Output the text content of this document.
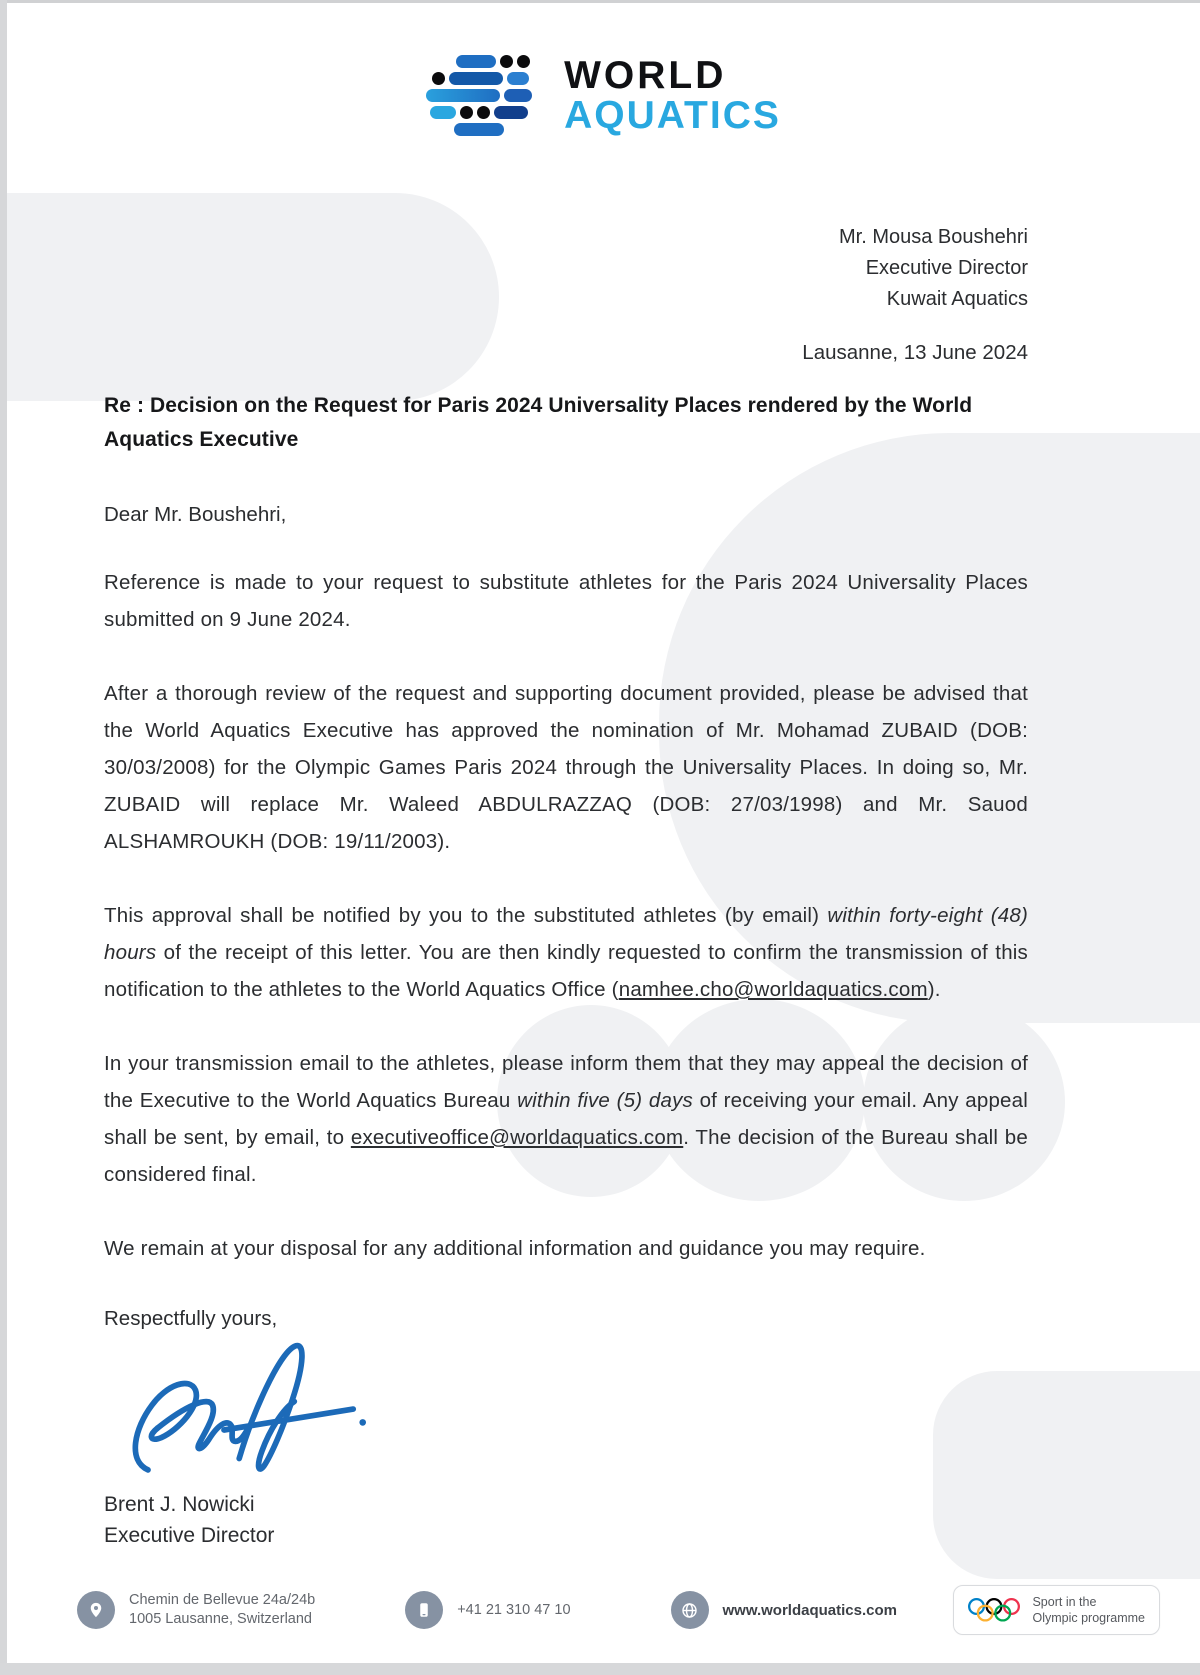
WORLD
AQUATICS
Mr. Mousa Boushehri
Executive Director
Kuwait Aquatics
Lausanne, 13 June 2024
Re : Decision on the Request for Paris 2024 Universality Places rendered by the World Aquatics Executive

Dear Mr. Boushehri,

Reference is made to your request to substitute athletes for the Paris 2024 Universality Places submitted on 9 June 2024.

After a thorough review of the request and supporting document provided, please be advised that the World Aquatics Executive has approved the nomination of Mr. Mohamad ZUBAID (DOB: 30/03/2008) for the Olympic Games Paris 2024 through the Universality Places. In doing so, Mr. ZUBAID will replace Mr. Waleed ABDULRAZZAQ (DOB: 27/03/1998) and Mr. Sauod ALSHAMROUKH (DOB: 19/11/2003).

This approval shall be notified by you to the substituted athletes (by email) within forty-eight (48) hours of the receipt of this letter. You are then kindly requested to confirm the transmission of this notification to the athletes to the World Aquatics Office (namhee.cho@worldaquatics.com).

In your transmission email to the athletes, please inform them that they may appeal the decision of the Executive to the World Aquatics Bureau within five (5) days of receiving your email. Any appeal shall be sent, by email, to executiveoffice@worldaquatics.com. The decision of the Bureau shall be considered final.

We remain at your disposal for any additional information and guidance you may require.

Respectfully yours,

Brent J. Nowicki
Executive Director
Chemin de Bellevue 24a/24b
1005 Lausanne, Switzerland
+41 21 310 47 10	www.worldaquatics.com	Sport in the
Olympic programme
